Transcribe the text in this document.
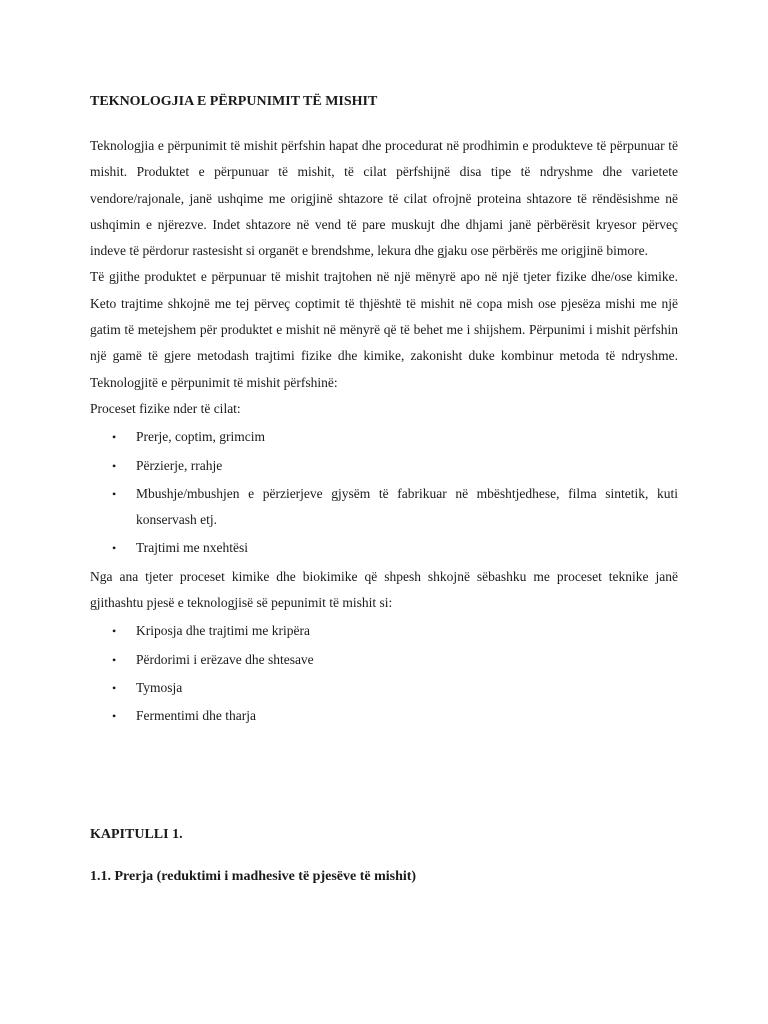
TEKNOLOGJIA E PËRPUNIMIT TË MISHIT

Teknologjia e përpunimit të mishit përfshin hapat dhe procedurat në prodhimin e produkteve të përpunuar të mishit. Produktet e përpunuar të mishit, të cilat përfshijnë disa tipe të ndryshme dhe varietete vendore/rajonale, janë ushqime me origjinë shtazore të cilat ofrojnë proteina shtazore të rëndësishme në ushqimin e njërezve. Indet shtazore në vend të pare muskujt dhe dhjami janë përbërësit kryesor përveç indeve të përdorur rastesisht si organët e brendshme, lekura dhe gjaku ose përbërës me origjinë bimore.

Të gjithe produktet e përpunuar të mishit trajtohen në një mënyrë apo në një tjeter fizike dhe/ose kimike. Keto trajtime shkojnë me tej përveç coptimit të thjështë të mishit në copa mish ose pjesëza mishi me një gatim të metejshem për produktet e mishit në mënyrë që të behet me i shijshem. Përpunimi i mishit përfshin një gamë të gjere metodash trajtimi fizike dhe kimike, zakonisht duke kombinur metoda të ndryshme. Teknologjitë e përpunimit të mishit përfshinë:

Proceset fizike nder të cilat:

• Prerje, coptim, grimcim
• Përzierje, rrahje
• Mbushje/mbushjen e përzierjeve gjysëm të fabrikuar në mbështjedhese, filma sintetik, kuti konservash etj.
• Trajtimi me nxehtësi

Nga ana tjeter proceset kimike dhe biokimike që shpesh shkojnë sëbashku me proceset teknike janë gjithashtu pjesë e teknologjisë së pepunimit të mishit si:

• Kriposja dhe trajtimi me kripëra
• Përdorimi i erëzave dhe shtesave
• Tymosja
• Fermentimi dhe tharja
KAPITULLI 1.
1.1. Prerja (reduktimi i madhesive të pjesëve të mishit)
